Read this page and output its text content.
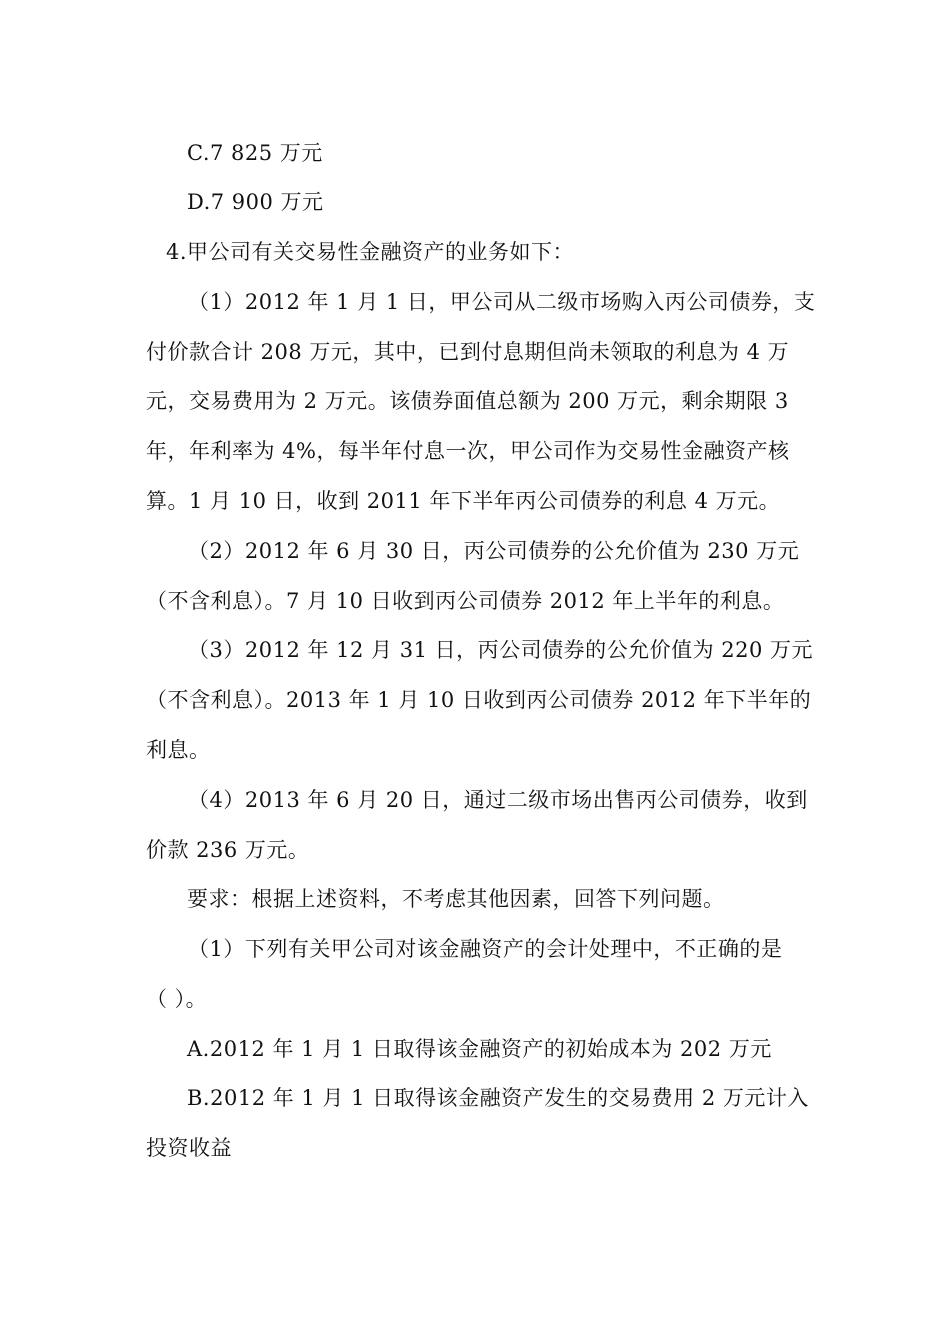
C.7 825 万元
D.7 900 万元
4.甲公司有关交易性金融资产的业务如下：
（1）2012 年 1 月 1 日，甲公司从二级市场购入丙公司债券，支
付价款合计 208 万元，其中，已到付息期但尚未领取的利息为 4 万
元，交易费用为 2 万元。该债券面值总额为 200 万元，剩余期限 3
年，年利率为 4%，每半年付息一次，甲公司作为交易性金融资产核
算。1 月 10 日，收到 2011 年下半年丙公司债券的利息 4 万元。
（2）2012 年 6 月 30 日，丙公司债券的公允价值为 230 万元
（不含利息）。7 月 10 日收到丙公司债券 2012 年上半年的利息。
（3）2012 年 12 月 31 日，丙公司债券的公允价值为 220 万元
（不含利息）。2013 年 1 月 10 日收到丙公司债券 2012 年下半年的
利息。
（4）2013 年 6 月 20 日，通过二级市场出售丙公司债券，收到
价款 236 万元。
要求：根据上述资料，不考虑其他因素，回答下列问题。
（1）下列有关甲公司对该金融资产的会计处理中，不正确的是
（ ）。
A.2012 年 1 月 1 日取得该金融资产的初始成本为 202 万元
B.2012 年 1 月 1 日取得该金融资产发生的交易费用 2 万元计入
投资收益
